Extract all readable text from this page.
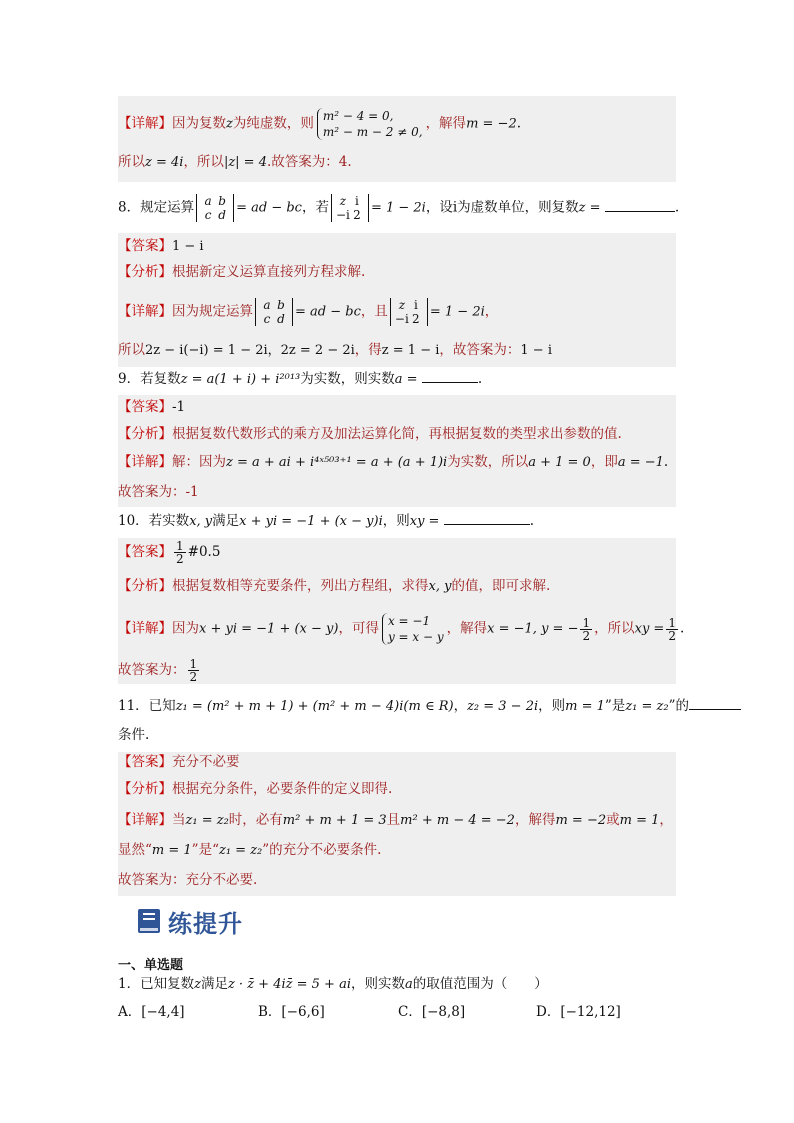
【详解】因为复数z为纯虚数，则 m² − 4 = 0,
m² − m − 2 ≠ 0,
，解得m = −2.
所以z = 4i，所以|z| = 4.故答案为：4.
8．规定运算 a b
c d = ad − bc，若 z i
−i 2 = 1 − 2i，设i为虚数单位，则复数z =	.
【答案】1 − i
【分析】根据新定义运算直接列方程求解.
【详解】因为规定运算 a b
c d = ad − bc，且 z i
−i 2 = 1 − 2i，
所以2z − i(−i) = 1 − 2i，2z = 2 − 2i，得z = 1 − i，故答案为：1 − i
9．若复数z = a(1 + i) + i²⁰¹³为实数，则实数a =	.
【答案】-1
【分析】根据复数代数形式的乘方及加法运算化简，再根据复数的类型求出参数的值.
【详解】解：因为z = a + ai + i⁴ˣ⁵⁰³⁺¹ = a + (a + 1)i为实数，所以a + 1 = 0，即a = −1.
故答案为：-1
10．若实数x, y满足x + yi = −1 + (x − y)i，则xy =	.
【答案】 $\frac{1}{2}$ #0.5
【分析】根据复数相等充要条件，列出方程组，求得x, y的值，即可求解.
【详解】因为x + yi = −1 + (x − y)，可得 x = −1
y = x − y
，解得x = −1, y = − $\frac{1}{2}$ ，所以xy = $\frac{1}{2}$ .
故答案为： $\frac{1}{2}$
11．已知z₁ = (m² + m + 1) + (m² + m − 4)i(m ∈ R)，z₂ = 3 − 2i，则m = 1”是z₁ = z₂”的
条件.
【答案】充分不必要
【分析】根据充分条件，必要条件的定义即得.
【详解】当z₁ = z₂时，必有m² + m + 1 = 3且m² + m − 4 = −2，解得m = −2或m = 1，
显然“m = 1”是“z₁ = z₂”的充分不必要条件.
故答案为：充分不必要.
练提升
一、单选题
1．已知复数z满足z · z̄ + 4iz̄ = 5 + ai，则实数a的取值范围为（　　）
A．[−4,4]	B．[−6,6]	C．[−8,8]	D．[−12,12]
